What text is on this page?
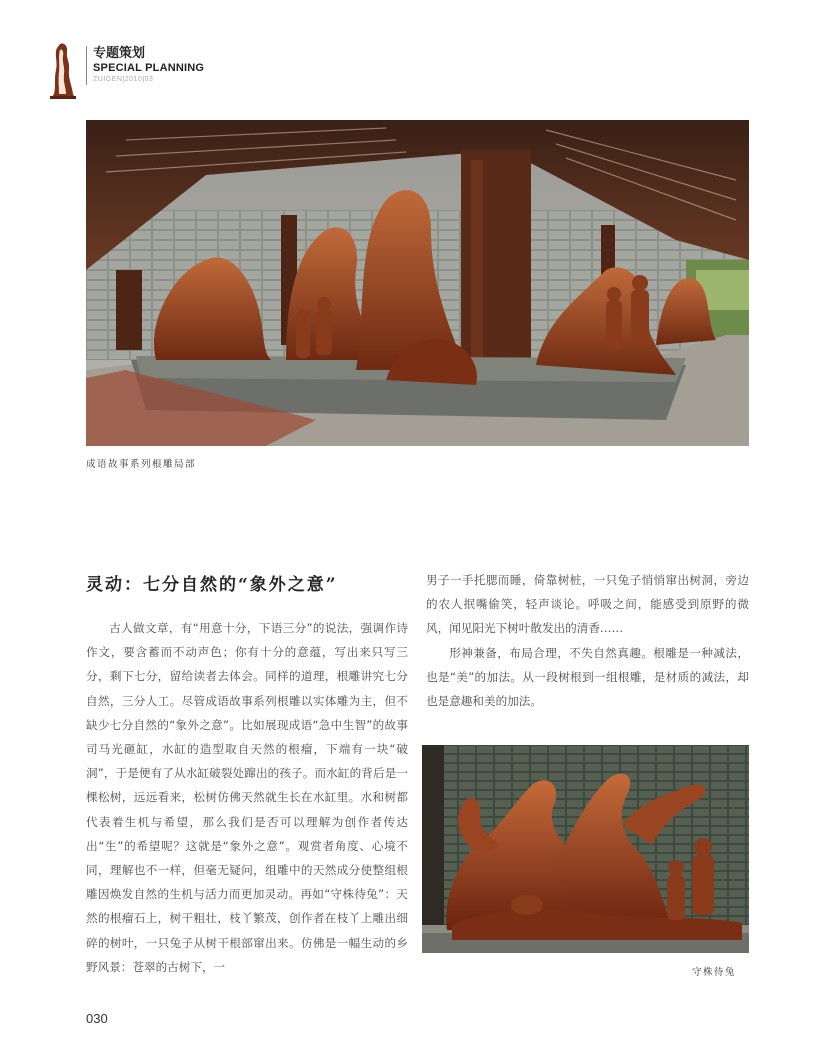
专题策划
SPECIAL PLANNING
ZUIGEN|2010|03
成语故事系列根雕局部
灵动：七分自然的“象外之意”

古人做文章，有“用意十分，下语三分”的说法，强调作诗作文，要含蓄而不动声色；你有十分的意蕴，写出来只写三分，剩下七分，留给读者去体会。同样的道理，根雕讲究七分自然，三分人工。尽管成语故事系列根雕以实体雕为主，但不缺少七分自然的“象外之意”。比如展现成语“急中生智”的故事司马光砸缸，水缸的造型取自天然的根瘤，下端有一块“破洞”，于是便有了从水缸破裂处蹿出的孩子。而水缸的背后是一棵松树，远远看来，松树仿佛天然就生长在水缸里。水和树都代表着生机与希望，那么我们是否可以理解为创作者传达出“生”的希望呢？这就是“象外之意”。观赏者角度、心境不同，理解也不一样，但毫无疑问，组雕中的天然成分使整组根雕因焕发自然的生机与活力而更加灵动。再如“守株待兔”：天然的根瘤石上，树干粗壮，枝丫繁茂，创作者在枝丫上雕出细碎的树叶，一只兔子从树干根部窜出来。仿佛是一幅生动的乡野风景：苍翠的古树下，一

男子一手托腮而睡，倚靠树桩，一只兔子悄悄窜出树洞，旁边的农人抿嘴偷笑，轻声谈论。呼吸之间，能感受到原野的微风，闻见阳光下树叶散发出的清香……

形神兼备，布局合理，不失自然真趣。根雕是一种减法，也是“美”的加法。从一段树根到一组根雕，是材质的减法，却也是意趣和美的加法。

守株待兔
030
